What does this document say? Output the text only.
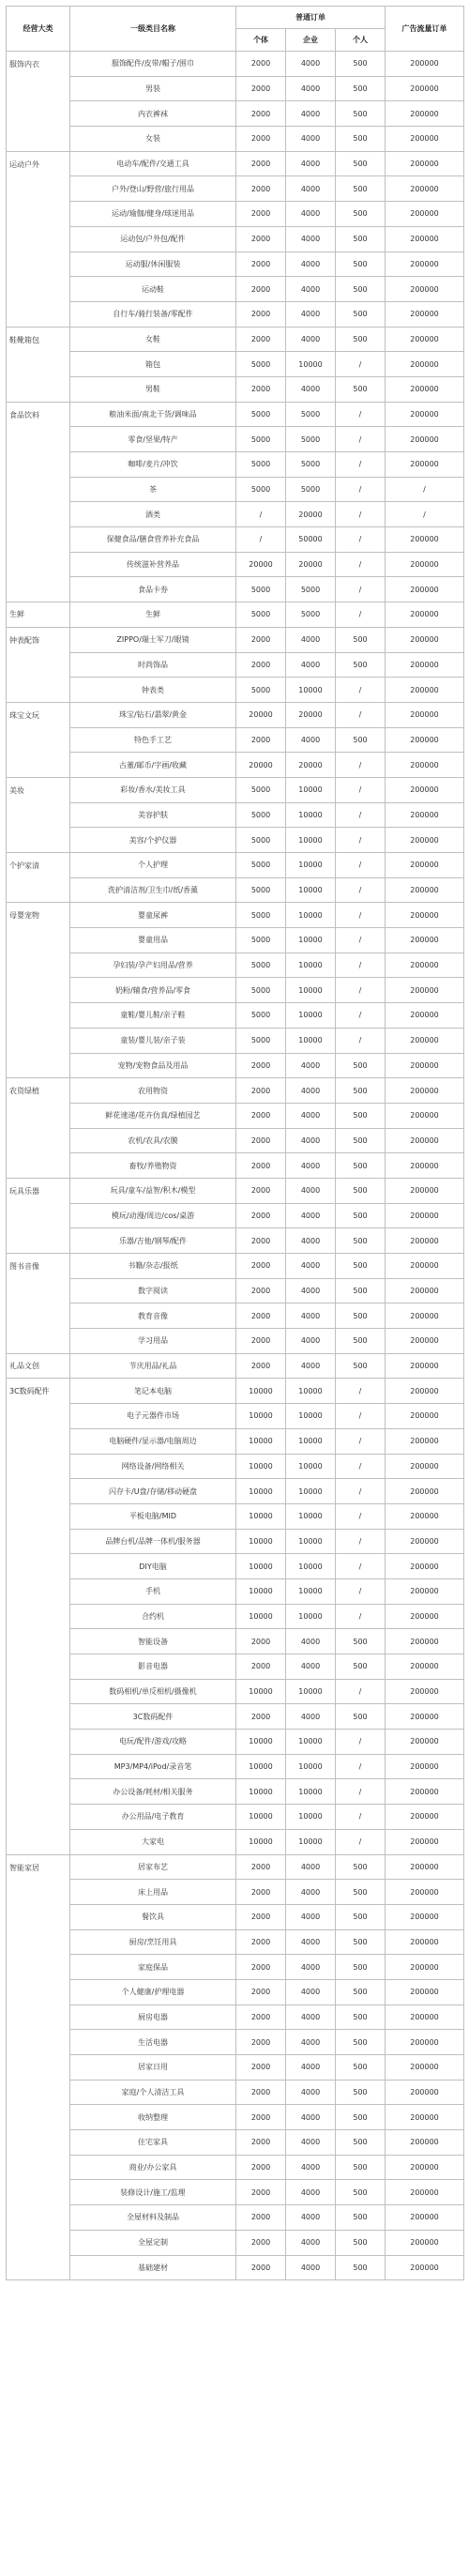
经营大类	一级类目名称	普通订单			广告流量订单
		个体	企业	个人	
服饰内衣	服饰配件/皮带/帽子/围巾	2000	4000	500	200000
	男装	2000	4000	500	200000
	内衣裤袜	2000	4000	500	200000
	女装	2000	4000	500	200000
运动户外	电动车/配件/交通工具	2000	4000	500	200000
	户外/登山/野营/旅行用品	2000	4000	500	200000
	运动/瑜伽/健身/球迷用品	2000	4000	500	200000
	运动包/户外包/配件	2000	4000	500	200000
	运动服/休闲服装	2000	4000	500	200000
	运动鞋	2000	4000	500	200000
	自行车/骑行装备/零配件	2000	4000	500	200000
鞋靴箱包	女鞋	2000	4000	500	200000
	箱包	5000	10000	/	200000
	男鞋	2000	4000	500	200000
食品饮料	粮油米面/南北干货/调味品	5000	5000	/	200000
	零食/坚果/特产	5000	5000	/	200000
	咖啡/麦片/冲饮	5000	5000	/	200000
	茶	5000	5000	/	/
	酒类	/	20000	/	/
	保健食品/膳食营养补充食品	/	50000	/	200000
	传统滋补营养品	20000	20000	/	200000
	食品卡券	5000	5000	/	200000
生鲜	生鲜	5000	5000	/	200000
钟表配饰	ZIPPO/瑞士军刀/眼镜	2000	4000	500	200000
	时尚饰品	2000	4000	500	200000
	钟表类	5000	10000	/	200000
珠宝文玩	珠宝/钻石/翡翠/黄金	20000	20000	/	200000
	特色手工艺	2000	4000	500	200000
	古董/邮币/字画/收藏	20000	20000	/	200000
美妆	彩妆/香水/美妆工具	5000	10000	/	200000
	美容护肤	5000	10000	/	200000
	美容/个护仪器	5000	10000	/	200000
个护家清	个人护理	5000	10000	/	200000
	洗护清洁剂/卫生巾/纸/香薰	5000	10000	/	200000
母婴宠物	婴童尿裤	5000	10000	/	200000
	婴童用品	5000	10000	/	200000
	孕妇装/孕产妇用品/营养	5000	10000	/	200000
	奶粉/辅食/营养品/零食	5000	10000	/	200000
	童鞋/婴儿鞋/亲子鞋	5000	10000	/	200000
	童装/婴儿装/亲子装	5000	10000	/	200000
	宠物/宠物食品及用品	2000	4000	500	200000
农资绿植	农用物资	2000	4000	500	200000
	鲜花速递/花卉仿真/绿植园艺	2000	4000	500	200000
	农机/农具/农膜	2000	4000	500	200000
	畜牧/养殖物资	2000	4000	500	200000
玩具乐器	玩具/童车/益智/积木/模型	2000	4000	500	200000
	模玩/动漫/周边/cos/桌游	2000	4000	500	200000
	乐器/吉他/钢琴/配件	2000	4000	500	200000
图书音像	书籍/杂志/报纸	2000	4000	500	200000
	数字阅读	2000	4000	500	200000
	教育音像	2000	4000	500	200000
	学习用品	2000	4000	500	200000
礼品文创	节庆用品/礼品	2000	4000	500	200000
3C数码配件	笔记本电脑	10000	10000	/	200000
	电子元器件市场	10000	10000	/	200000
	电脑硬件/显示器/电脑周边	10000	10000	/	200000
	网络设备/网络相关	10000	10000	/	200000
	闪存卡/U盘/存储/移动硬盘	10000	10000	/	200000
	平板电脑/MID	10000	10000	/	200000
	品牌台机/品牌一体机/服务器	10000	10000	/	200000
	DIY电脑	10000	10000	/	200000
	手机	10000	10000	/	200000
	合约机	10000	10000	/	200000
	智能设备	2000	4000	500	200000
	影音电器	2000	4000	500	200000
	数码相机/单反相机/摄像机	10000	10000	/	200000
	3C数码配件	2000	4000	500	200000
	电玩/配件/游戏/攻略	10000	10000	/	200000
	MP3/MP4/iPod/录音笔	10000	10000	/	200000
	办公设备/耗材/相关服务	10000	10000	/	200000
	办公用品/电子教育	10000	10000	/	200000
	大家电	10000	10000	/	200000
智能家居	居家布艺	2000	4000	500	200000
	床上用品	2000	4000	500	200000
	餐饮具	2000	4000	500	200000
	厨房/烹饪用具	2000	4000	500	200000
	家庭保品	2000	4000	500	200000
	个人健康/护理电器	2000	4000	500	200000
	厨房电器	2000	4000	500	200000
	生活电器	2000	4000	500	200000
	居家日用	2000	4000	500	200000
	家庭/个人清洁工具	2000	4000	500	200000
	收纳整理	2000	4000	500	200000
	住宅家具	2000	4000	500	200000
	商业/办公家具	2000	4000	500	200000
	装修设计/施工/监理	2000	4000	500	200000
	全屋材料及制品	2000	4000	500	200000
	全屋定制	2000	4000	500	200000
	基础建材	2000	4000	500	200000
